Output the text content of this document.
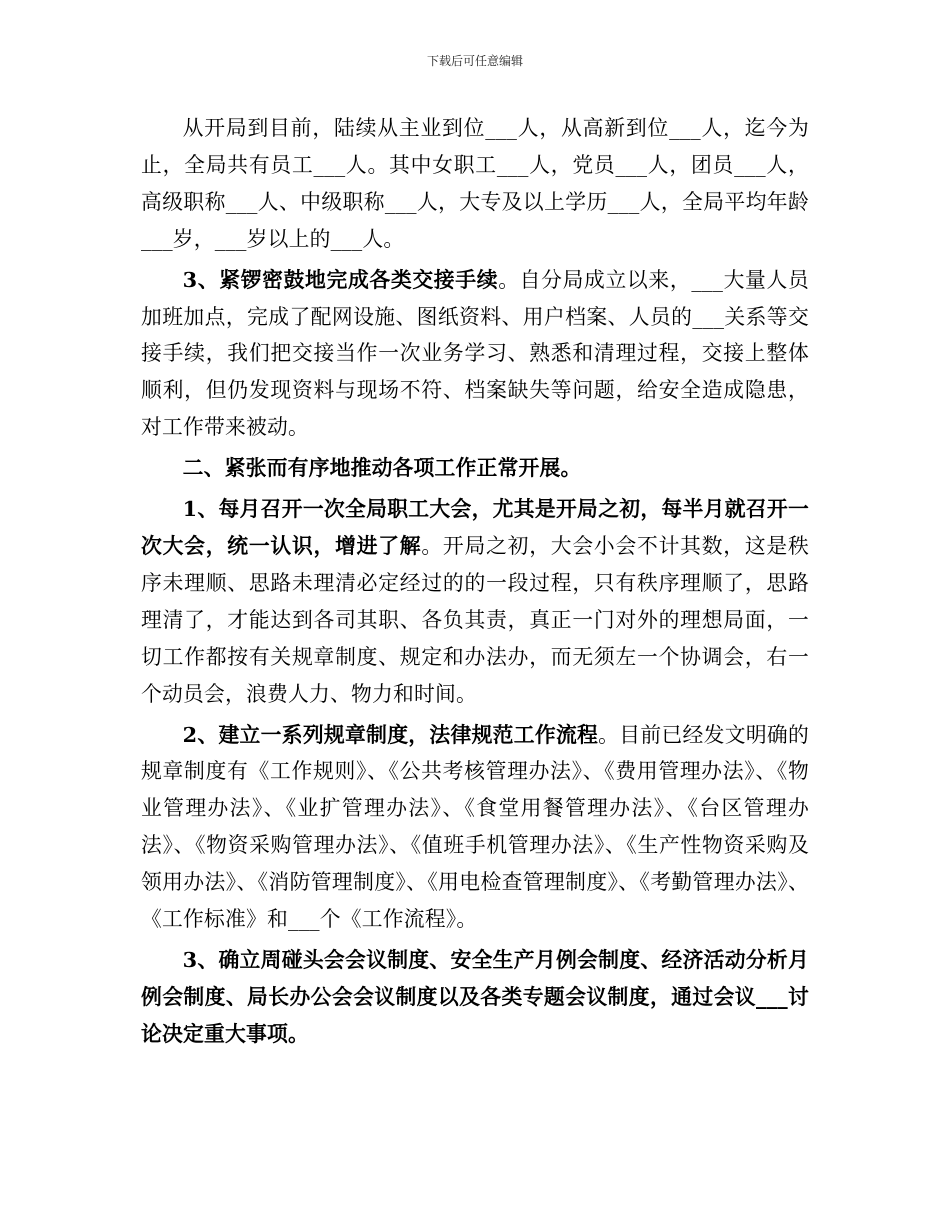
下载后可任意编辑

从开局到目前，陆续从主业到位___人，从高新到位___人，迄今为止，全局共有员工___人。其中女职工___人，党员___人，团员___人，高级职称___人、中级职称___人，大专及以上学历___人，全局平均年龄___岁，___岁以上的___人。

3、紧锣密鼓地完成各类交接手续。自分局成立以来，___大量人员加班加点，完成了配网设施、图纸资料、用户档案、人员的___关系等交接手续，我们把交接当作一次业务学习、熟悉和清理过程，交接上整体顺利，但仍发现资料与现场不符、档案缺失等问题，给安全造成隐患，对工作带来被动。

二、紧张而有序地推动各项工作正常开展。

1、每月召开一次全局职工大会，尤其是开局之初，每半月就召开一次大会，统一认识，增进了解。开局之初，大会小会不计其数，这是秩序未理顺、思路未理清必定经过的的一段过程，只有秩序理顺了，思路理清了，才能达到各司其职、各负其责，真正一门对外的理想局面，一切工作都按有关规章制度、规定和办法办，而无须左一个协调会，右一个动员会，浪费人力、物力和时间。

2、建立一系列规章制度，法律规范工作流程。目前已经发文明确的规章制度有《工作规则》、《公共考核管理办法》、《费用管理办法》、《物业管理办法》、《业扩管理办法》、《食堂用餐管理办法》、《台区管理办法》、《物资采购管理办法》、《值班手机管理办法》、《生产性物资采购及领用办法》、《消防管理制度》、《用电检查管理制度》、《考勤管理办法》、《工作标准》和___个《工作流程》。

3、确立周碰头会会议制度、安全生产月例会制度、经济活动分析月例会制度、局长办公会会议制度以及各类专题会议制度，通过会议___讨论决定重大事项。
